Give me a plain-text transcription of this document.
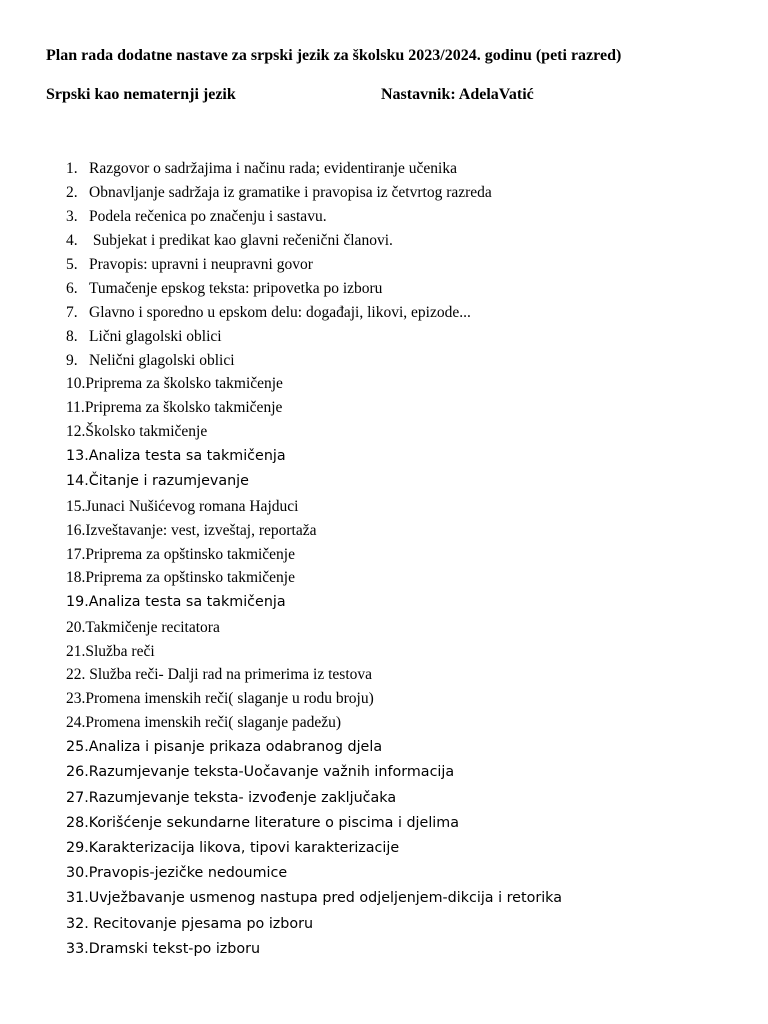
Plan rada dodatne nastave za srpski jezik za školsku 2023/2024. godinu (peti razred)
Srpski kao nematernji jezik	Nastavnik: AdelaVatić
1. Razgovor o sadržajima i načinu rada; evidentiranje učenika
2. Obnavljanje sadržaja iz gramatike i pravopisa iz četvrtog razreda
3. Podela rečenica po značenju i sastavu.
4. Subjekat i predikat kao glavni rečenični članovi.
5. Pravopis: upravni i neupravni govor
6. Tumačenje epskog teksta: pripovetka po izboru
7. Glavno i sporedno u epskom delu: događaji, likovi, epizode...
8. Lični glagolski oblici
9. Nelični glagolski oblici
10.Priprema za školsko takmičenje
11.Priprema za školsko takmičenje
12.Školsko takmičenje
13.Analiza testa sa takmičenja
14.Čitanje i razumjevanje
15.Junaci Nušićevog romana Hajduci
16.Izveštavanje: vest, izveštaj, reportaža
17.Priprema za opštinsko takmičenje
18.Priprema za opštinsko takmičenje
19.Analiza testa sa takmičenja
20.Takmičenje recitatora
21.Služba reči
22. Služba reči- Dalji rad na primerima iz testova
23.Promena imenskih reči( slaganje u rodu broju)
24.Promena imenskih reči( slaganje padežu)
25.Analiza i pisanje prikaza odabranog djela
26.Razumjevanje teksta-Uočavanje važnih informacija
27.Razumjevanje teksta- izvođenje zaključaka
28.Korišćenje sekundarne literature o piscima i djelima
29.Karakterizacija likova, tipovi karakterizacije
30.Pravopis-jezičke nedoumice
31.Uvježbavanje usmenog nastupa pred odjeljenjem-dikcija i retorika
32. Recitovanje pjesama po izboru
33.Dramski tekst-po izboru
